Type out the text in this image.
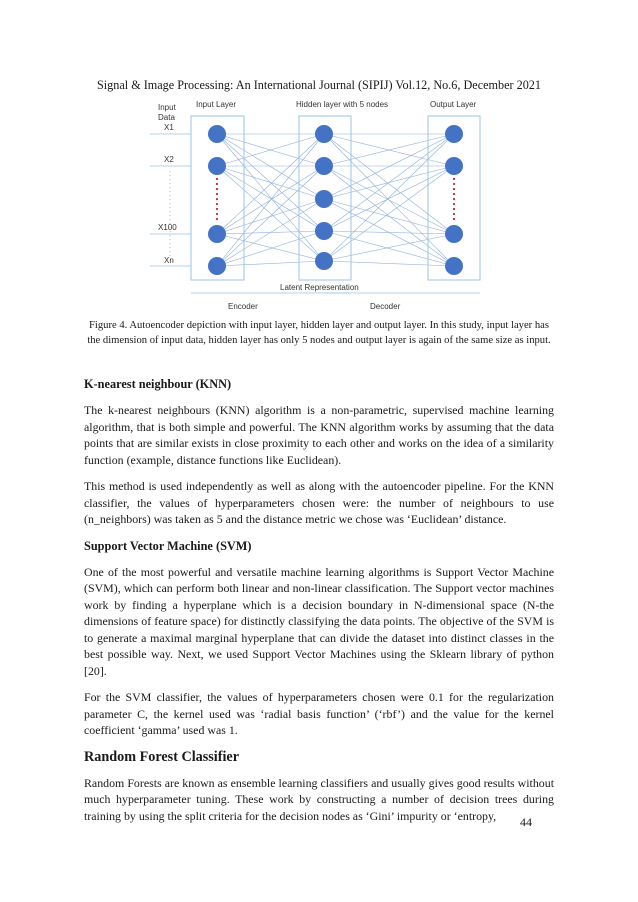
Signal & Image Processing: An International Journal (SIPIJ) Vol.12, No.6, December 2021
Input
Data
Input Layer	Hidden layer with 5 nodes	Output Layer
X1
X2
X100
Xn
Latent Representation
Encoder	Decoder
Figure 4. Autoencoder depiction with input layer, hidden layer and output layer. In this study, input layer has the dimension of input data, hidden layer has only 5 nodes and output layer is again of the same size as input.
K-nearest neighbour (KNN)

The k-nearest neighbours (KNN) algorithm is a non-parametric, supervised machine learning algorithm, that is both simple and powerful. The KNN algorithm works by assuming that the data points that are similar exists in close proximity to each other and works on the idea of a similarity function (example, distance functions like Euclidean).

This method is used independently as well as along with the autoencoder pipeline. For the KNN classifier, the values of hyperparameters chosen were: the number of neighbours to use (n_neighbors) was taken as 5 and the distance metric we chose was ‘Euclidean’ distance.

Support Vector Machine (SVM)

One of the most powerful and versatile machine learning algorithms is Support Vector Machine (SVM), which can perform both linear and non-linear classification. The Support vector machines work by finding a hyperplane which is a decision boundary in N-dimensional space (N-the dimensions of feature space) for distinctly classifying the data points. The objective of the SVM is to generate a maximal marginal hyperplane that can divide the dataset into distinct classes in the best possible way. Next, we used Support Vector Machines using the Sklearn library of python [20].

For the SVM classifier, the values of hyperparameters chosen were 0.1 for the regularization parameter C, the kernel used was ‘radial basis function’ (‘rbf’) and the value for the kernel coefficient ‘gamma’ used was 1.

Random Forest Classifier

Random Forests are known as ensemble learning classifiers and usually gives good results without much hyperparameter tuning. These work by constructing a number of decision trees during training by using the split criteria for the decision nodes as ‘Gini’ impurity or ‘entropy,	44
